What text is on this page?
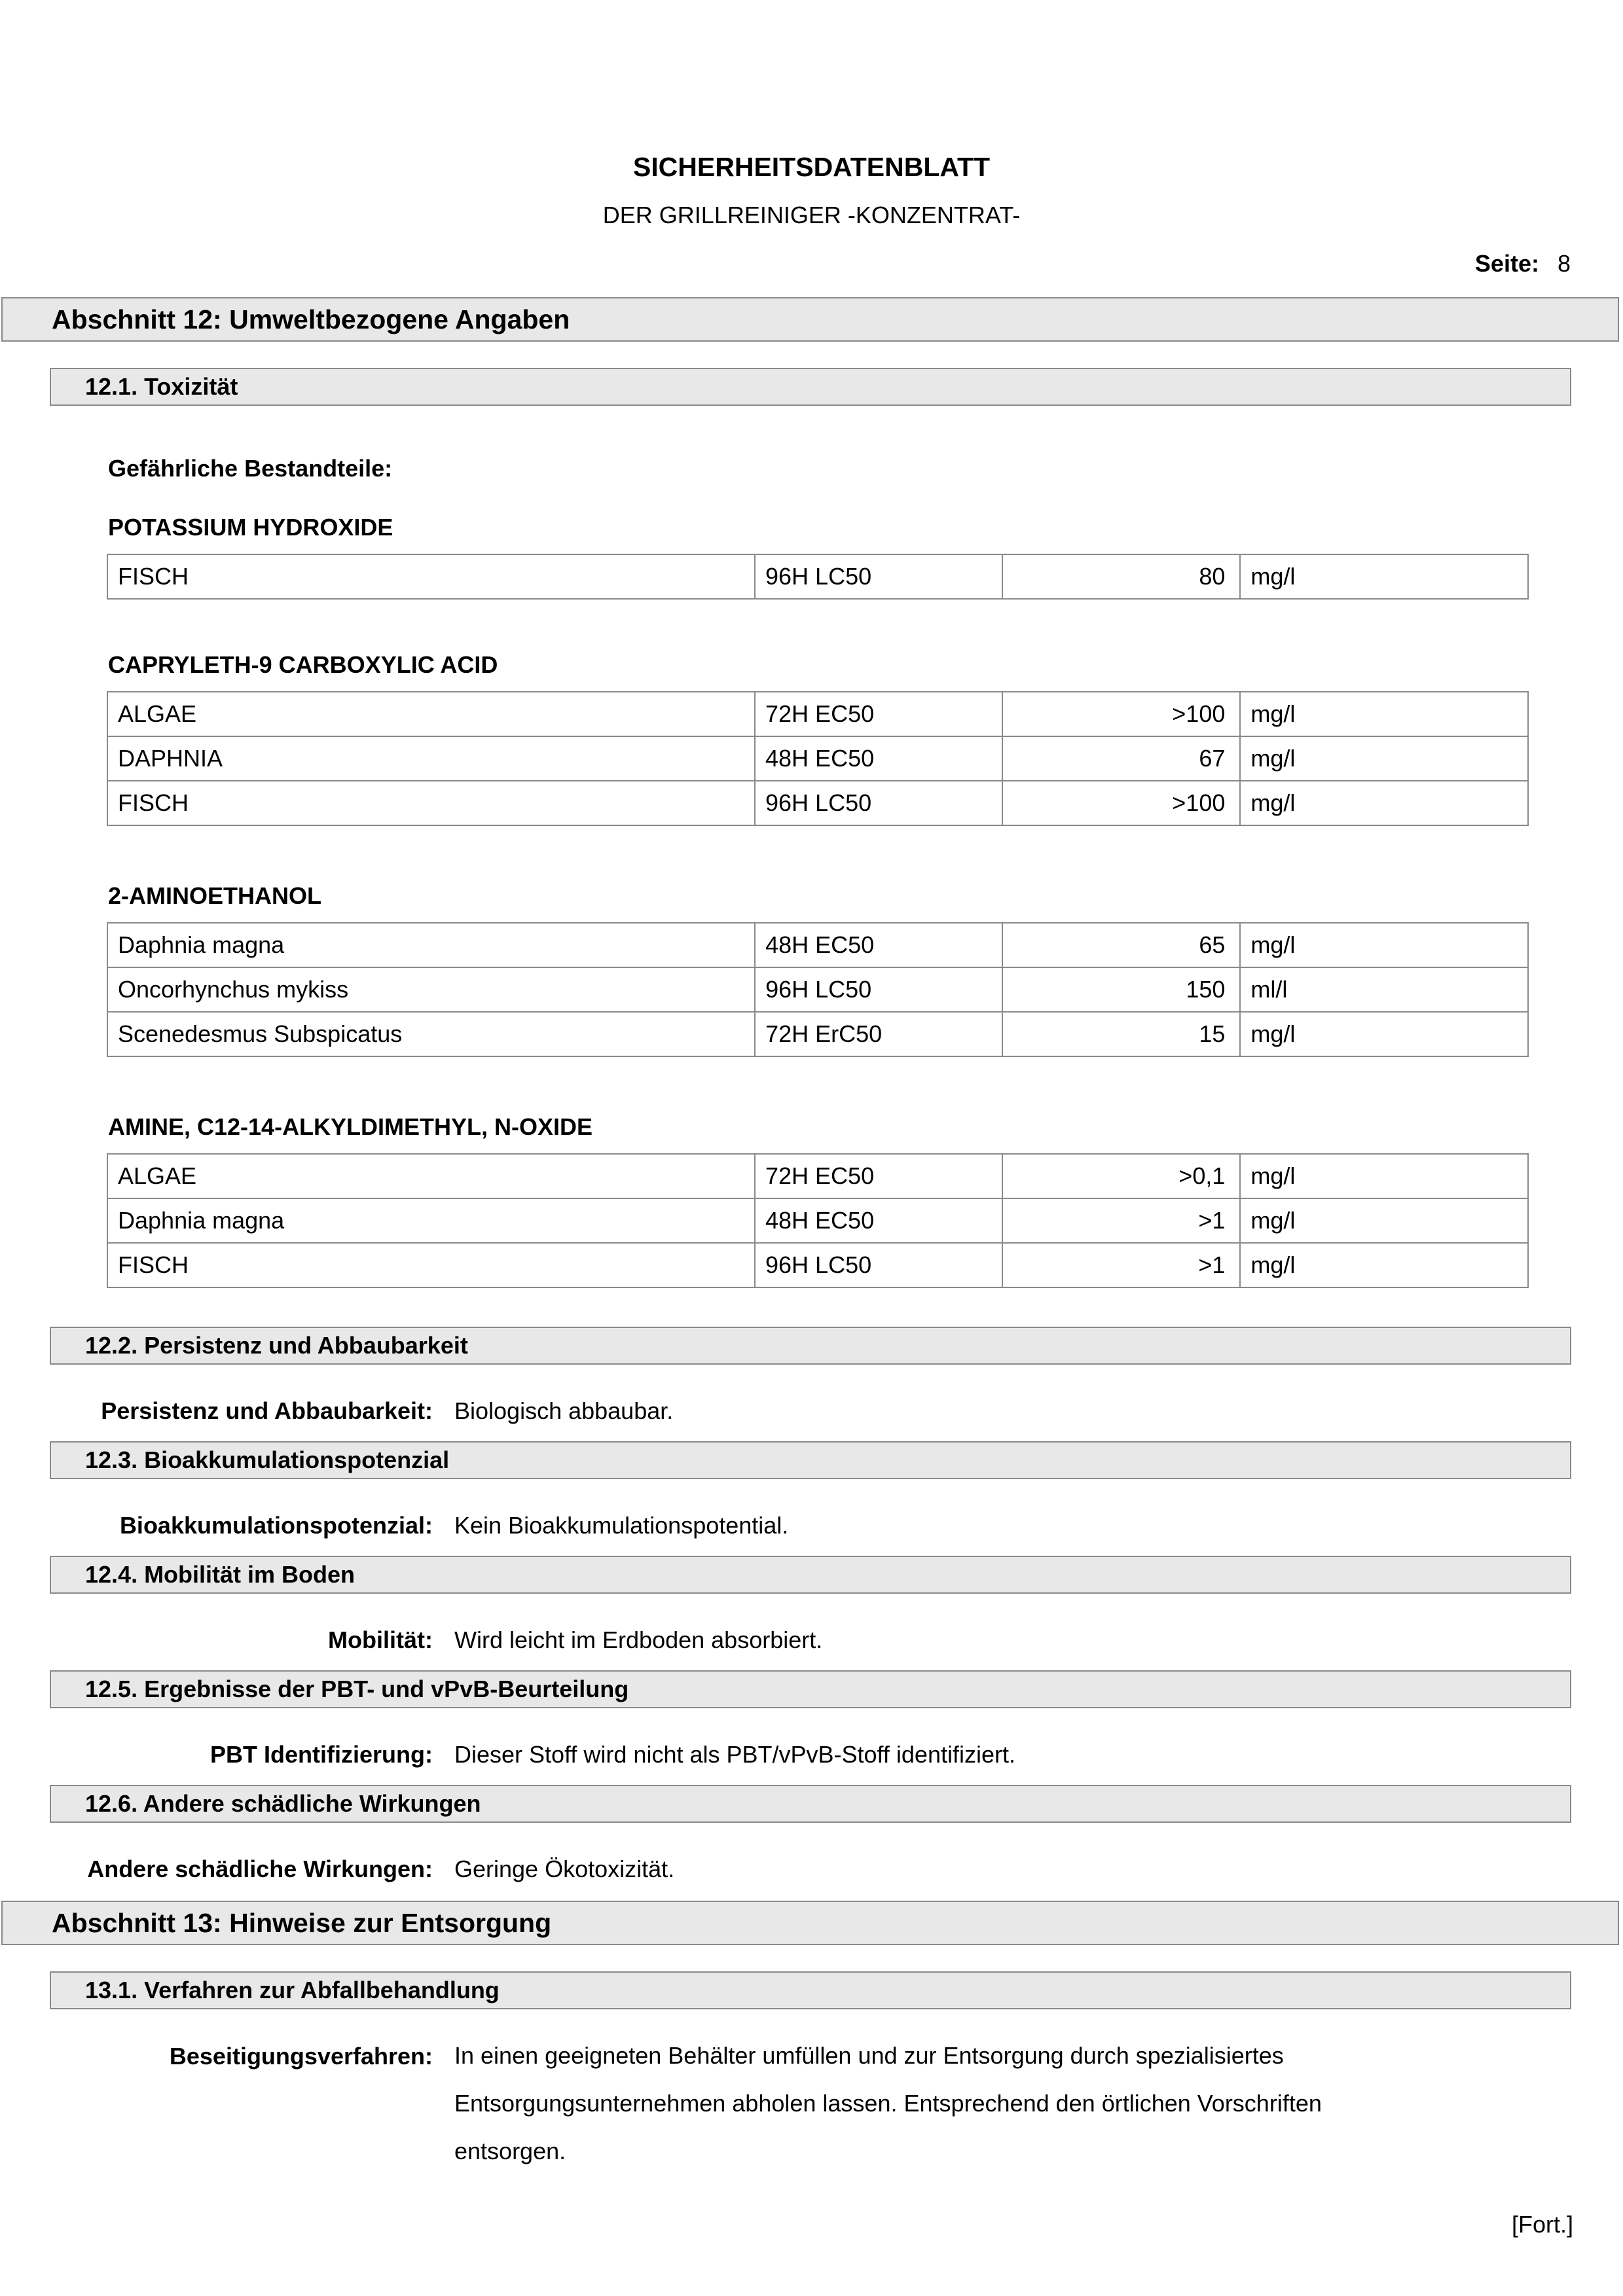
SICHERHEITSDATENBLATT
DER GRILLREINIGER -KONZENTRAT-
Seite: 8
Abschnitt 12: Umweltbezogene Angaben
12.1. Toxizität
Gefährliche Bestandteile:
POTASSIUM HYDROXIDE
FISCH	96H LC50	80	mg/l
CAPRYLETH-9 CARBOXYLIC ACID
ALGAE	72H EC50	>100	mg/l
DAPHNIA	48H EC50	67	mg/l
FISCH	96H LC50	>100	mg/l
2-AMINOETHANOL
Daphnia magna	48H EC50	65	mg/l
Oncorhynchus mykiss	96H LC50	150	ml/l
Scenedesmus Subspicatus	72H ErC50	15	mg/l
AMINE, C12-14-ALKYLDIMETHYL, N-OXIDE
ALGAE	72H EC50	>0,1	mg/l
Daphnia magna	48H EC50	>1	mg/l
FISCH	96H LC50	>1	mg/l
12.2. Persistenz und Abbaubarkeit
Persistenz und Abbaubarkeit: Biologisch abbaubar.
12.3. Bioakkumulationspotenzial
Bioakkumulationspotenzial: Kein Bioakkumulationspotential.
12.4. Mobilität im Boden
Mobilität: Wird leicht im Erdboden absorbiert.
12.5. Ergebnisse der PBT- und vPvB-Beurteilung
PBT Identifizierung: Dieser Stoff wird nicht als PBT/vPvB-Stoff identifiziert.
12.6. Andere schädliche Wirkungen
Andere schädliche Wirkungen: Geringe Ökotoxizität.
Abschnitt 13: Hinweise zur Entsorgung
13.1. Verfahren zur Abfallbehandlung
Beseitigungsverfahren: In einen geeigneten Behälter umfüllen und zur Entsorgung durch spezialisiertes
Entsorgungsunternehmen abholen lassen. Entsprechend den örtlichen Vorschriften
entsorgen.
[Fort.]
